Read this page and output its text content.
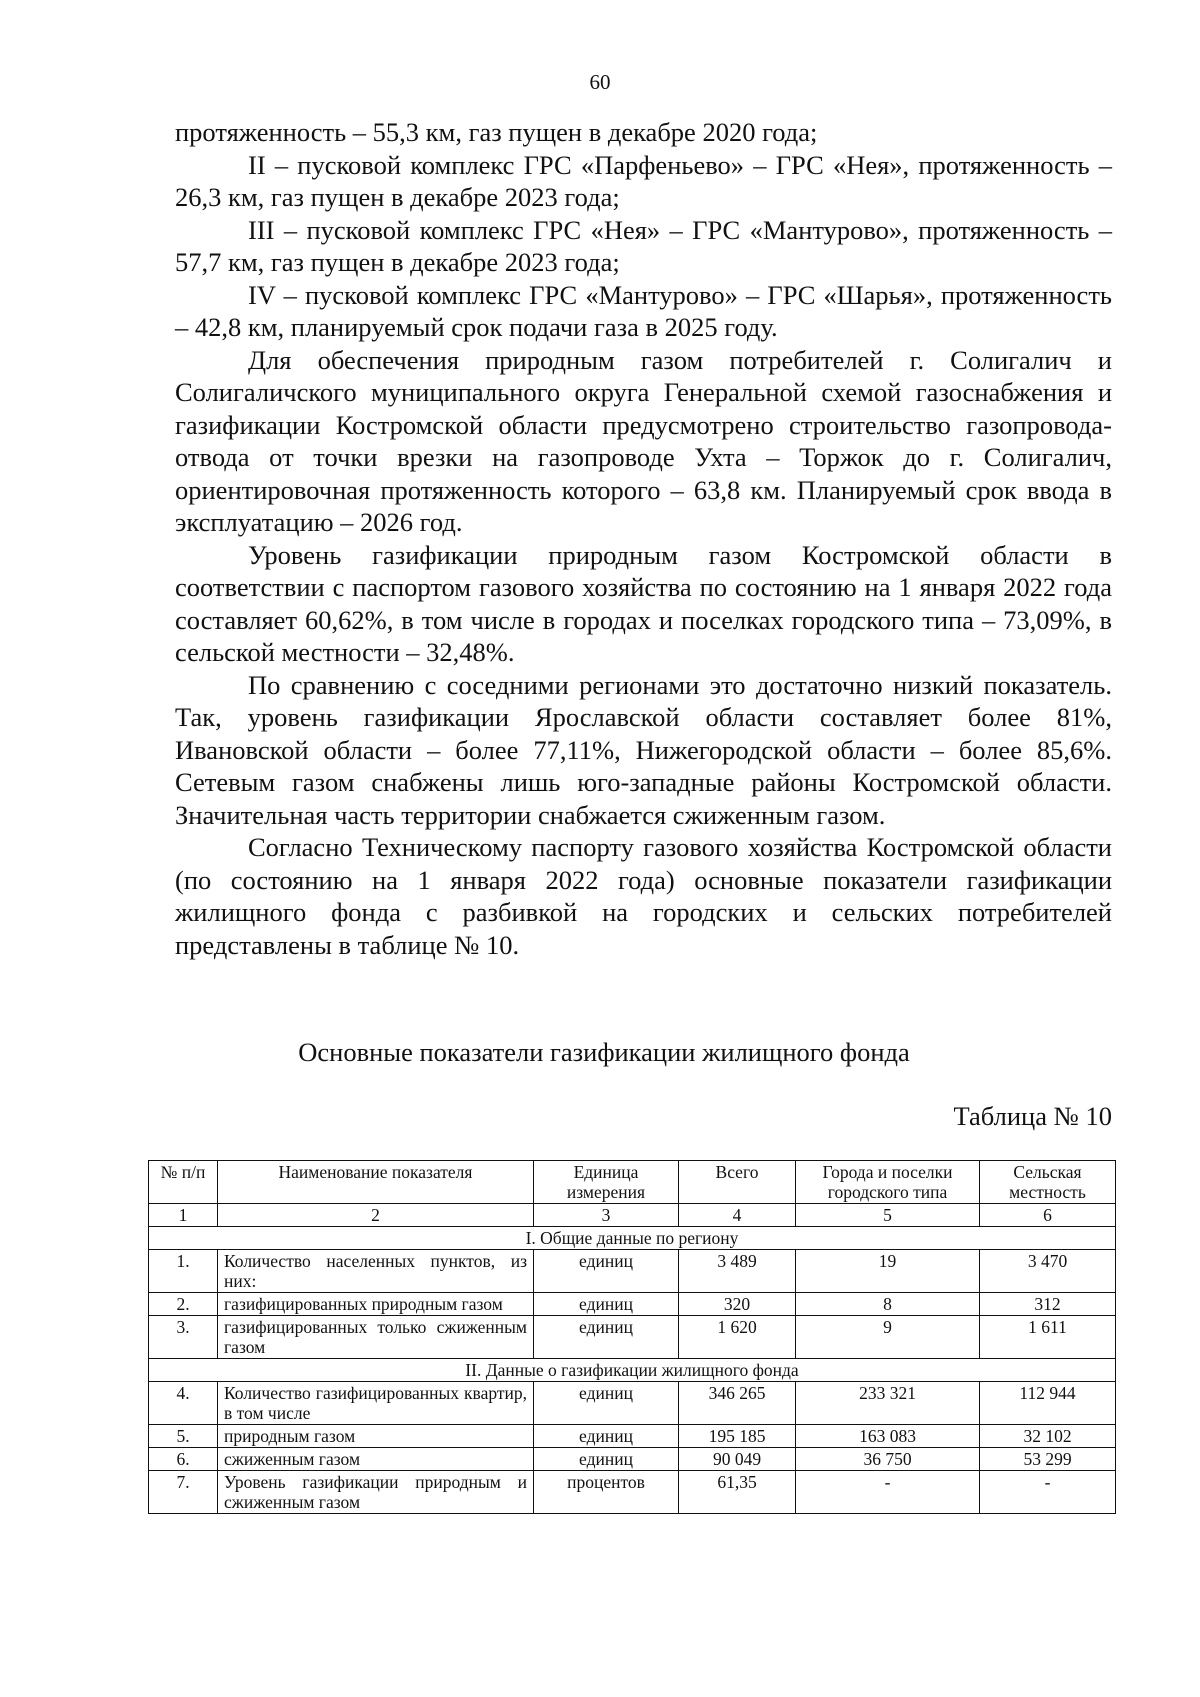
60

протяженность – 55,3 км, газ пущен в декабре 2020 года;

II – пусковой комплекс ГРС «Парфеньево» – ГРС «Нея», протяженность – 26,3 км, газ пущен в декабре 2023 года;

III – пусковой комплекс ГРС «Нея» – ГРС «Мантурово», протяженность – 57,7 км, газ пущен в декабре 2023 года;

IV – пусковой комплекс ГРС «Мантурово» – ГРС «Шарья», протяженность – 42,8 км, планируемый срок подачи газа в 2025 году.

Для обеспечения природным газом потребителей г. Солигалич и Солигаличского муниципального округа Генеральной схемой газоснабжения и газификации Костромской области предусмотрено строительство газопровода-отвода от точки врезки на газопроводе Ухта – Торжок до г. Солигалич, ориентировочная протяженность которого – 63,8 км. Планируемый срок ввода в эксплуатацию – 2026 год.

Уровень газификации природным газом Костромской области в соответствии с паспортом газового хозяйства по состоянию на 1 января 2022 года составляет 60,62%, в том числе в городах и поселках городского типа – 73,09%, в сельской местности – 32,48%.

По сравнению с соседними регионами это достаточно низкий показатель. Так, уровень газификации Ярославской области составляет более 81%, Ивановской области – более 77,11%, Нижегородской области – более 85,6%. Сетевым газом снабжены лишь юго-западные районы Костромской области. Значительная часть территории снабжается сжиженным газом.

Согласно Техническому паспорту газового хозяйства Костромской области (по состоянию на 1 января 2022 года) основные показатели газификации жилищного фонда с разбивкой на городских и сельских потребителей представлены в таблице № 10.

Основные показатели газификации жилищного фонда
Таблица № 10
№ п/п	Наименование показателя	Единица измерения	Всего	Города и поселки городского типа	Сельская местность
1	2	3	4	5	6
I. Общие данные по региону					
1.	Количество населенных пунктов, из них:	единиц	3 489	19	3 470
2.	газифицированных природным газом	единиц	320	8	312
3.	газифицированных только сжиженным газом	единиц	1 620	9	1 611
II. Данные о газификации жилищного фонда					
4.	Количество газифицированных квартир, в том числе	единиц	346 265	233 321	112 944
5.	природным газом	единиц	195 185	163 083	32 102
6.	сжиженным газом	единиц	90 049	36 750	53 299
7.	Уровень газификации природным и сжиженным газом	процентов	61,35	-	-
